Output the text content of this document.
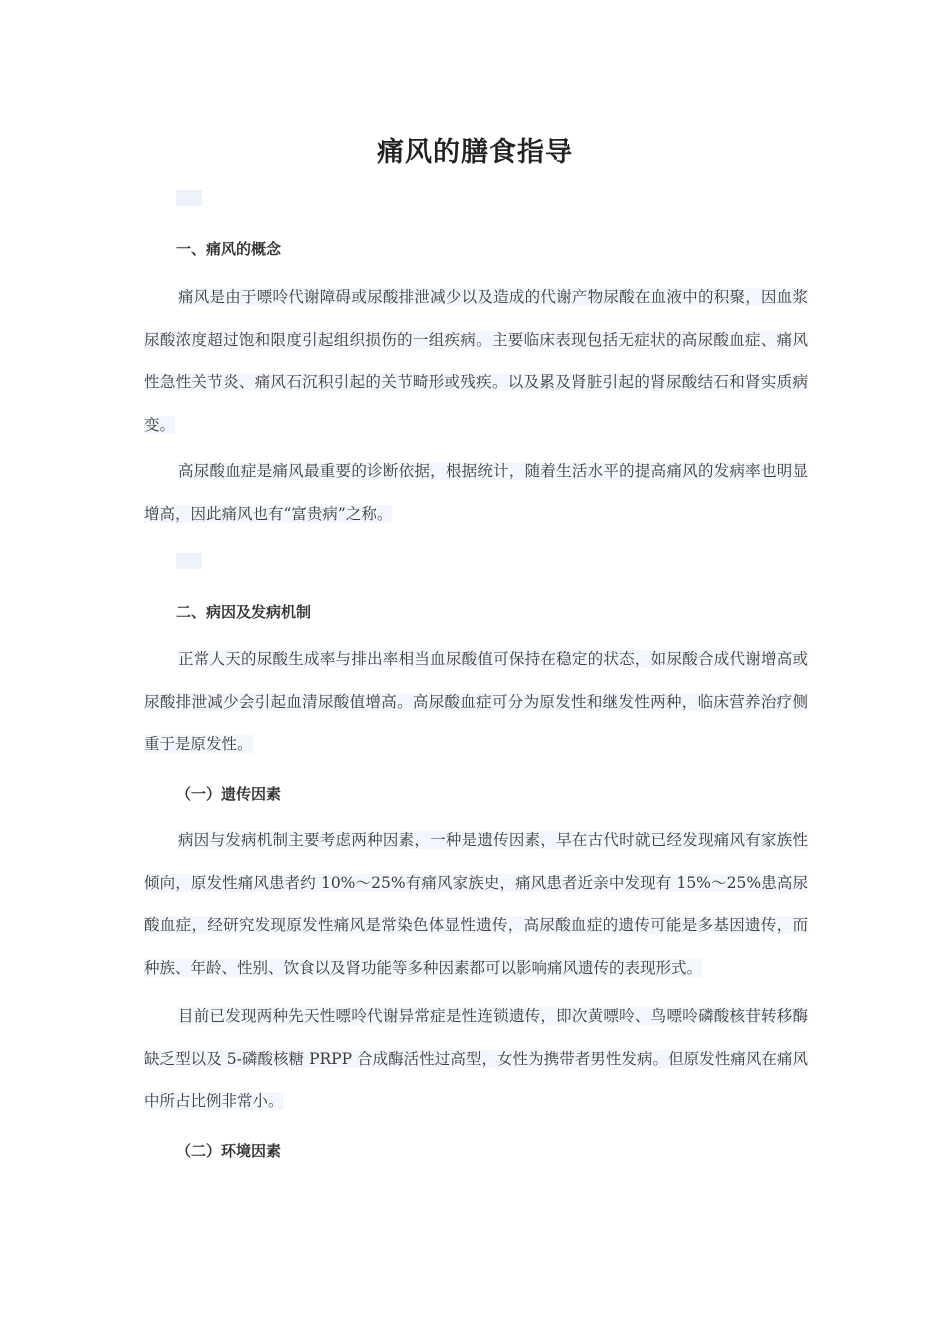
痛风的膳食指导
一、痛风的概念

痛风是由于嘌呤代谢障碍或尿酸排泄减少以及造成的代谢产物尿酸在血液中的积聚，因血浆尿酸浓度超过饱和限度引起组织损伤的一组疾病。主要临床表现包括无症状的高尿酸血症、痛风性急性关节炎、痛风石沉积引起的关节畸形或残疾。以及累及肾脏引起的肾尿酸结石和肾实质病变。

高尿酸血症是痛风最重要的诊断依据，根据统计，随着生活水平的提高痛风的发病率也明显增高，因此痛风也有“富贵病”之称。

二、病因及发病机制

正常人天的尿酸生成率与排出率相当血尿酸值可保持在稳定的状态，如尿酸合成代谢增高或尿酸排泄减少会引起血清尿酸值增高。高尿酸血症可分为原发性和继发性两种，临床营养治疗侧重于是原发性。

（一）遗传因素

病因与发病机制主要考虑两种因素，一种是遗传因素，早在古代时就已经发现痛风有家族性倾向，原发性痛风患者约 10%～25%有痛风家族史，痛风患者近亲中发现有 15%～25%患高尿酸血症，经研究发现原发性痛风是常染色体显性遗传，高尿酸血症的遗传可能是多基因遗传，而种族、年龄、性别、饮食以及肾功能等多种因素都可以影响痛风遗传的表现形式。

目前已发现两种先天性嘌呤代谢异常症是性连锁遗传，即次黄嘌呤、鸟嘌呤磷酸核苷转移酶缺乏型以及 5-磷酸核糖 PRPP 合成酶活性过高型，女性为携带者男性发病。但原发性痛风在痛风中所占比例非常小。

（二）环境因素
